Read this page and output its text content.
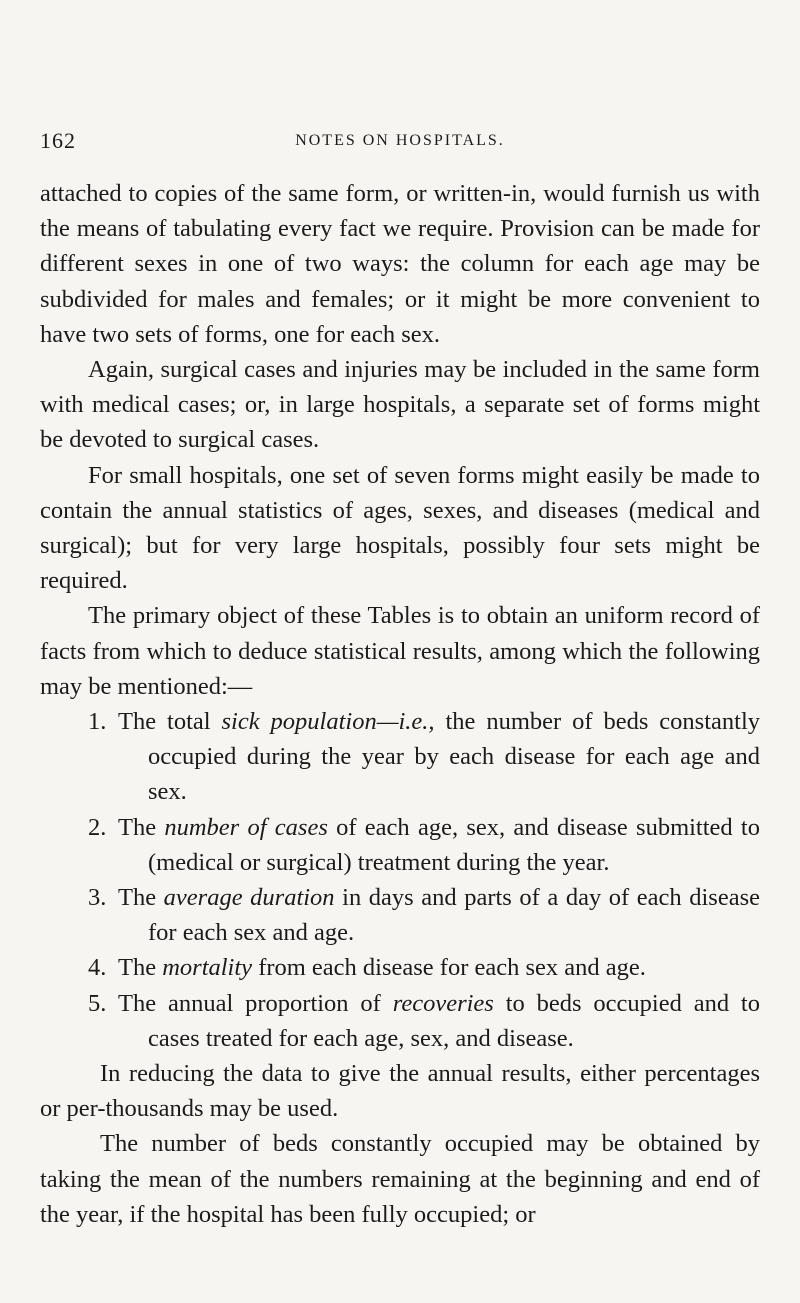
162	NOTES ON HOSPITALS.

attached to copies of the same form, or written-in, would furnish us with the means of tabulating every fact we require. Provision can be made for different sexes in one of two ways: the column for each age may be subdivided for males and females; or it might be more convenient to have two sets of forms, one for each sex.

Again, surgical cases and injuries may be included in the same form with medical cases; or, in large hospitals, a separate set of forms might be devoted to surgical cases.

For small hospitals, one set of seven forms might easily be made to contain the annual statistics of ages, sexes, and diseases (medical and surgical); but for very large hospitals, possibly four sets might be required.

The primary object of these Tables is to obtain an uniform record of facts from which to deduce statistical results, among which the following may be mentioned:—

1. The total sick population—i.e., the number of beds constantly occupied during the year by each disease for each age and sex.

2. The number of cases of each age, sex, and disease submitted to (medical or surgical) treatment during the year.

3. The average duration in days and parts of a day of each disease for each sex and age.

4. The mortality from each disease for each sex and age.

5. The annual proportion of recoveries to beds occupied and to cases treated for each age, sex, and disease.

In reducing the data to give the annual results, either percentages or per-thousands may be used.

The number of beds constantly occupied may be obtained by taking the mean of the numbers remaining at the beginning and end of the year, if the hospital has been fully occupied; or
